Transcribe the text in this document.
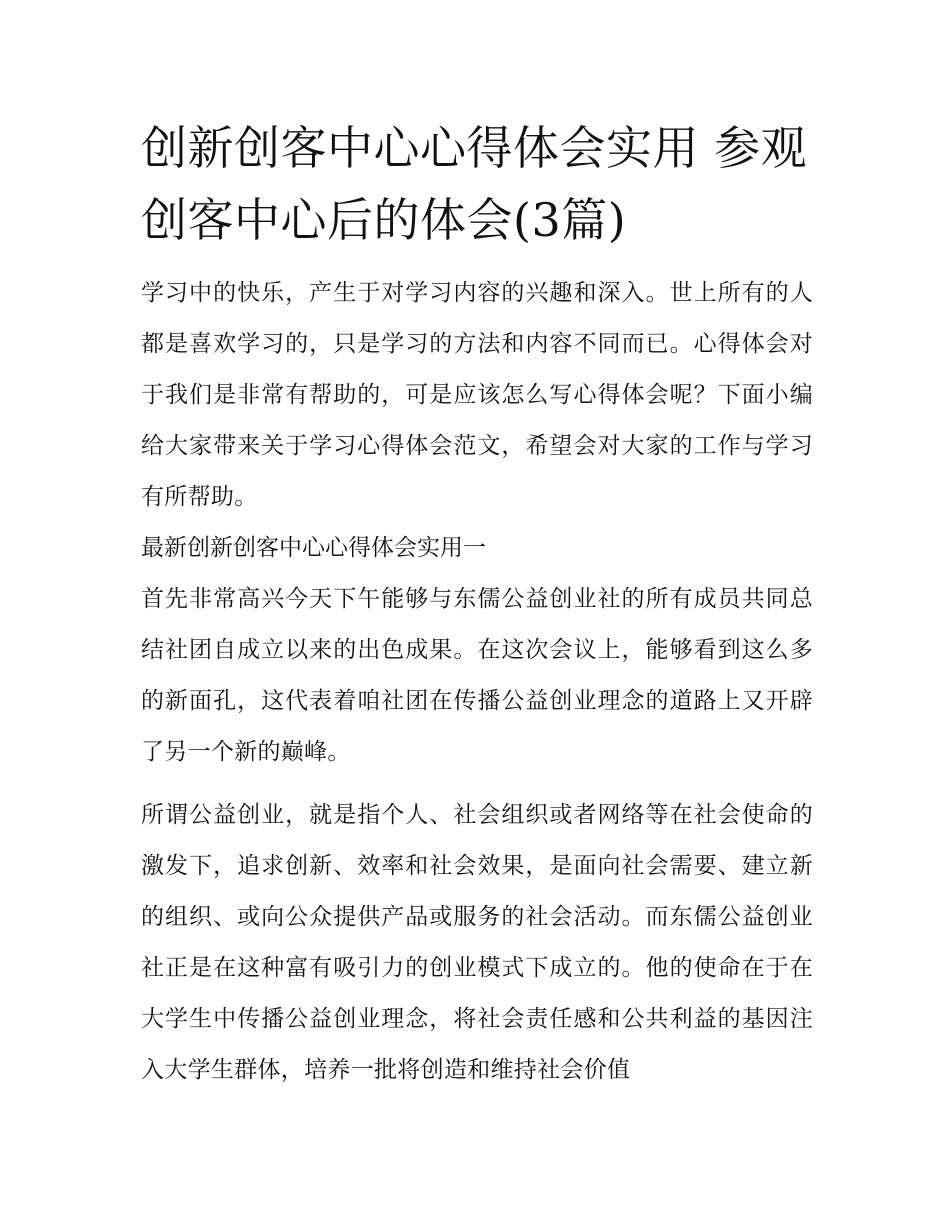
创新创客中心心得体会实用 参观创客中心后的体会(3篇)

学习中的快乐，产生于对学习内容的兴趣和深入。世上所有的人都是喜欢学习的，只是学习的方法和内容不同而已。心得体会对于我们是非常有帮助的，可是应该怎么写心得体会呢？下面小编给大家带来关于学习心得体会范文，希望会对大家的工作与学习有所帮助。

最新创新创客中心心得体会实用一

首先非常高兴今天下午能够与东儒公益创业社的所有成员共同总结社团自成立以来的出色成果。在这次会议上，能够看到这么多的新面孔，这代表着咱社团在传播公益创业理念的道路上又开辟了另一个新的巅峰。

所谓公益创业，就是指个人、社会组织或者网络等在社会使命的激发下，追求创新、效率和社会效果，是面向社会需要、建立新的组织、或向公众提供产品或服务的社会活动。而东儒公益创业社正是在这种富有吸引力的创业模式下成立的。他的使命在于在大学生中传播公益创业理念，将社会责任感和公共利益的基因注入大学生群体，培养一批将创造和维持社会价值
